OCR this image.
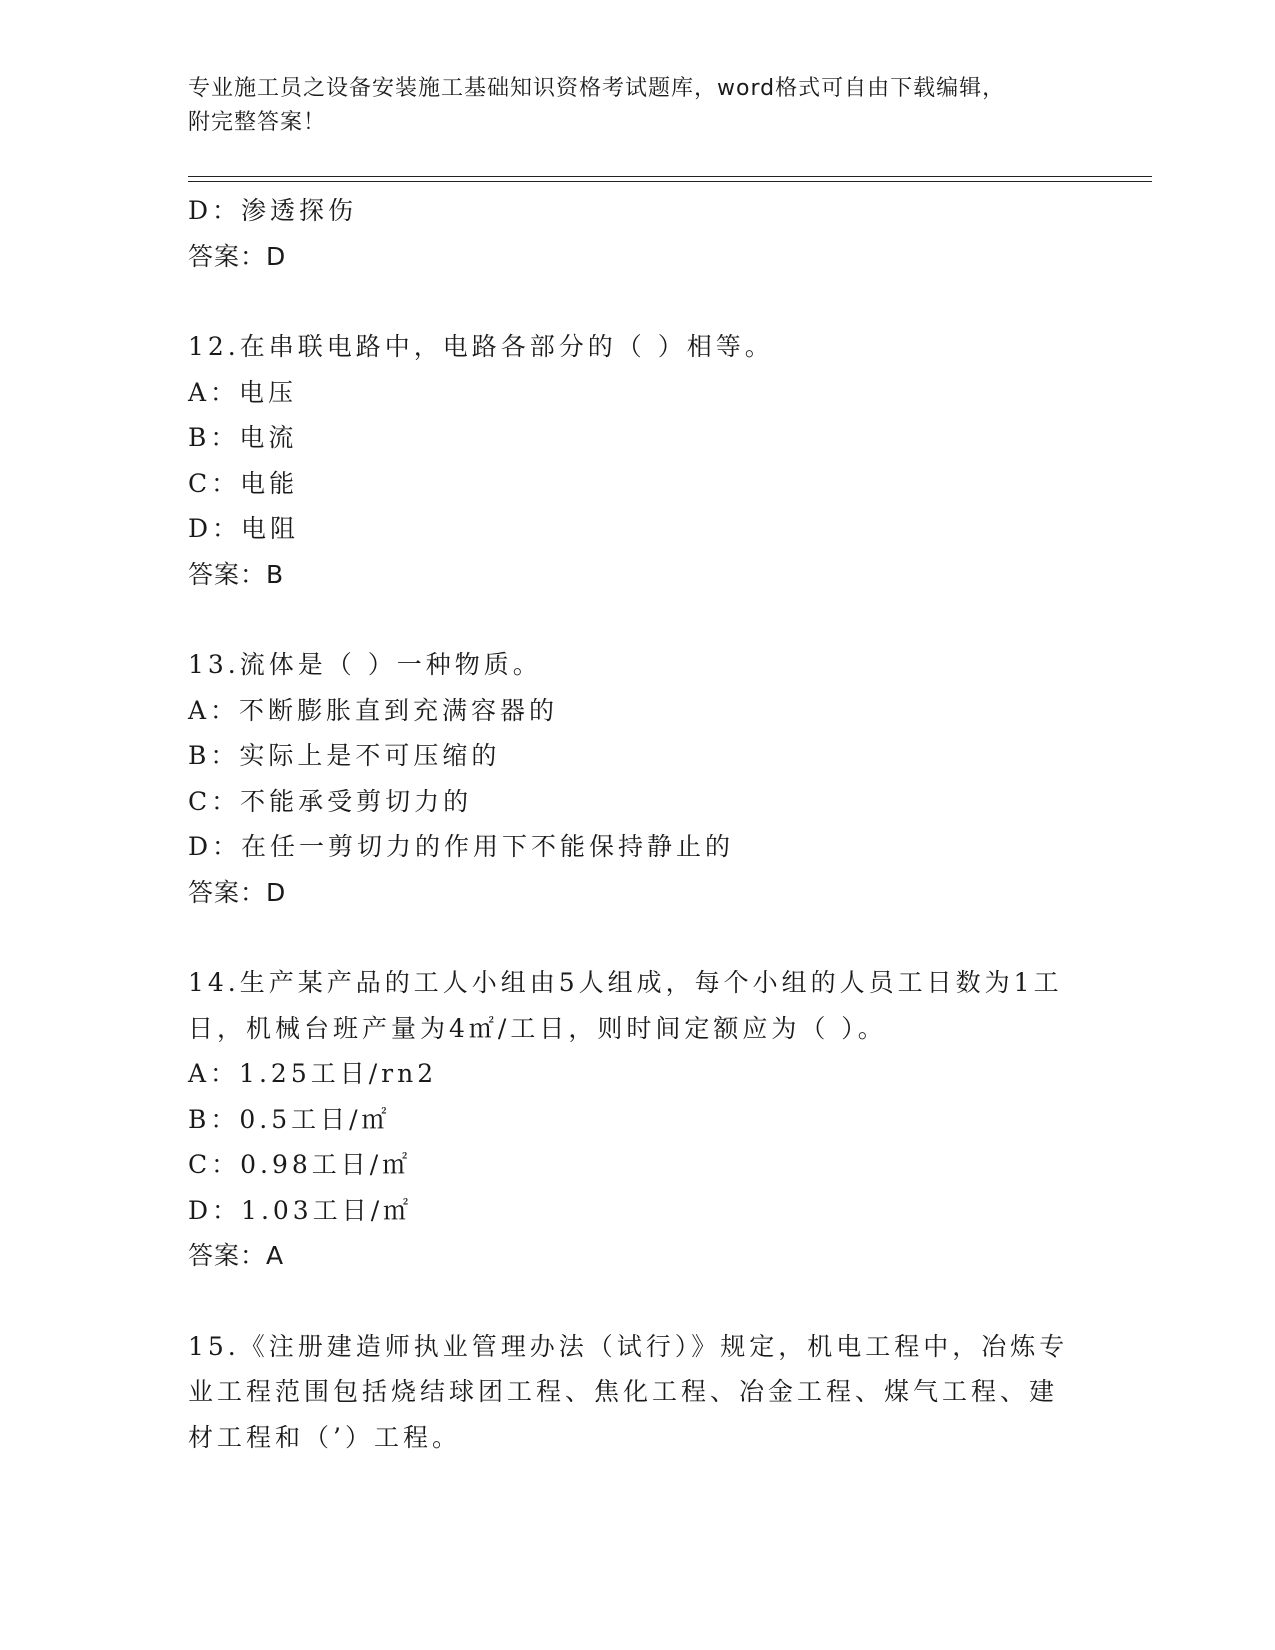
专业施工员之设备安装施工基础知识资格考试题库，word格式可自由下载编辑，
附完整答案！
D：渗透探伤
答案：D
12.在串联电路中，电路各部分的（ ）相等。
A：电压
B：电流
C：电能
D：电阻
答案：B
13.流体是（ ）一种物质。
A：不断膨胀直到充满容器的
B：实际上是不可压缩的
C：不能承受剪切力的
D：在任一剪切力的作用下不能保持静止的
答案：D
14.生产某产品的工人小组由5人组成，每个小组的人员工日数为1工
日，机械台班产量为4㎡/工日，则时间定额应为（ ）。
A：1.25工日/rn2
B：0.5工日/㎡
C：0.98工日/㎡
D：1.03工日/㎡
答案：A
15.《注册建造师执业管理办法（试行）》规定，机电工程中，冶炼专
业工程范围包括烧结球团工程、焦化工程、冶金工程、煤气工程、建
材工程和（’）工程。
